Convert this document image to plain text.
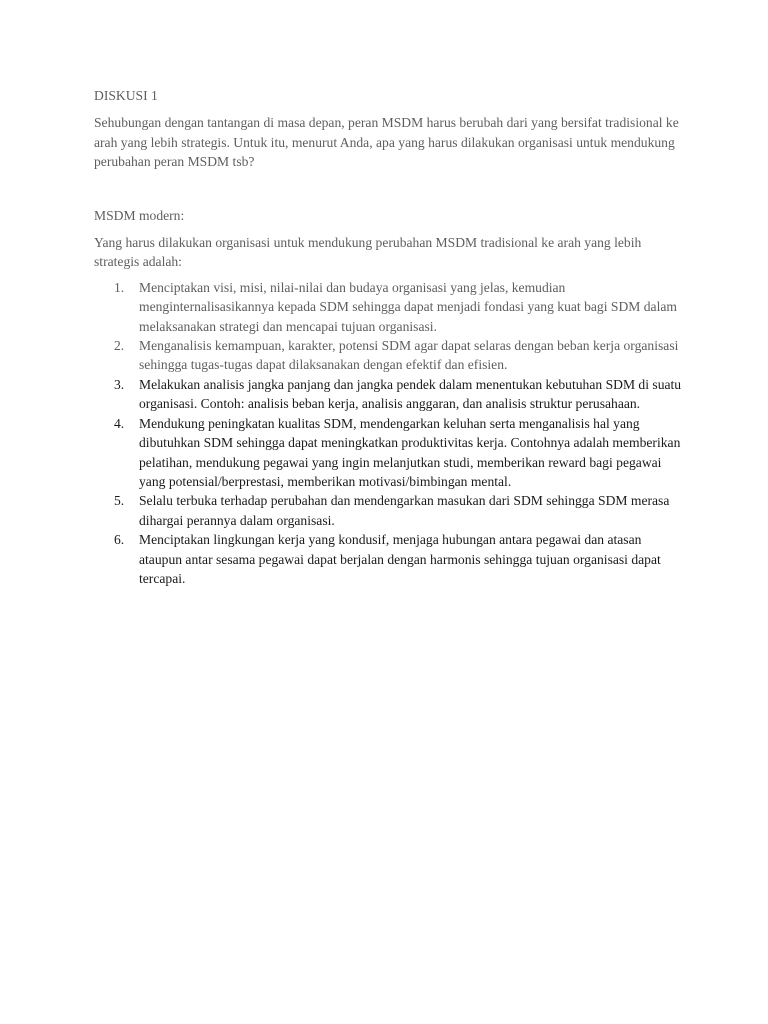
DISKUSI 1

Sehubungan dengan tantangan di masa depan, peran MSDM harus berubah dari yang bersifat tradisional ke arah yang lebih strategis. Untuk itu, menurut Anda, apa yang harus dilakukan organisasi untuk mendukung perubahan peran MSDM tsb?

MSDM modern:

Yang harus dilakukan organisasi untuk mendukung perubahan MSDM tradisional ke arah yang lebih strategis adalah:

1. Menciptakan visi, misi, nilai-nilai dan budaya organisasi yang jelas, kemudian menginternalisasikannya kepada SDM sehingga dapat menjadi fondasi yang kuat bagi SDM dalam melaksanakan strategi dan mencapai tujuan organisasi.
2. Menganalisis kemampuan, karakter, potensi SDM agar dapat selaras dengan beban kerja organisasi sehingga tugas-tugas dapat dilaksanakan dengan efektif dan efisien.
3. Melakukan analisis jangka panjang dan jangka pendek dalam menentukan kebutuhan SDM di suatu organisasi. Contoh: analisis beban kerja, analisis anggaran, dan analisis struktur perusahaan.
4. Mendukung peningkatan kualitas SDM, mendengarkan keluhan serta menganalisis hal yang dibutuhkan SDM sehingga dapat meningkatkan produktivitas kerja. Contohnya adalah memberikan pelatihan, mendukung pegawai yang ingin melanjutkan studi, memberikan reward bagi pegawai yang potensial/berprestasi, memberikan motivasi/bimbingan mental.
5. Selalu terbuka terhadap perubahan dan mendengarkan masukan dari SDM sehingga SDM merasa dihargai perannya dalam organisasi.
6. Menciptakan lingkungan kerja yang kondusif, menjaga hubungan antara pegawai dan atasan ataupun antar sesama pegawai dapat berjalan dengan harmonis sehingga tujuan organisasi dapat tercapai.
